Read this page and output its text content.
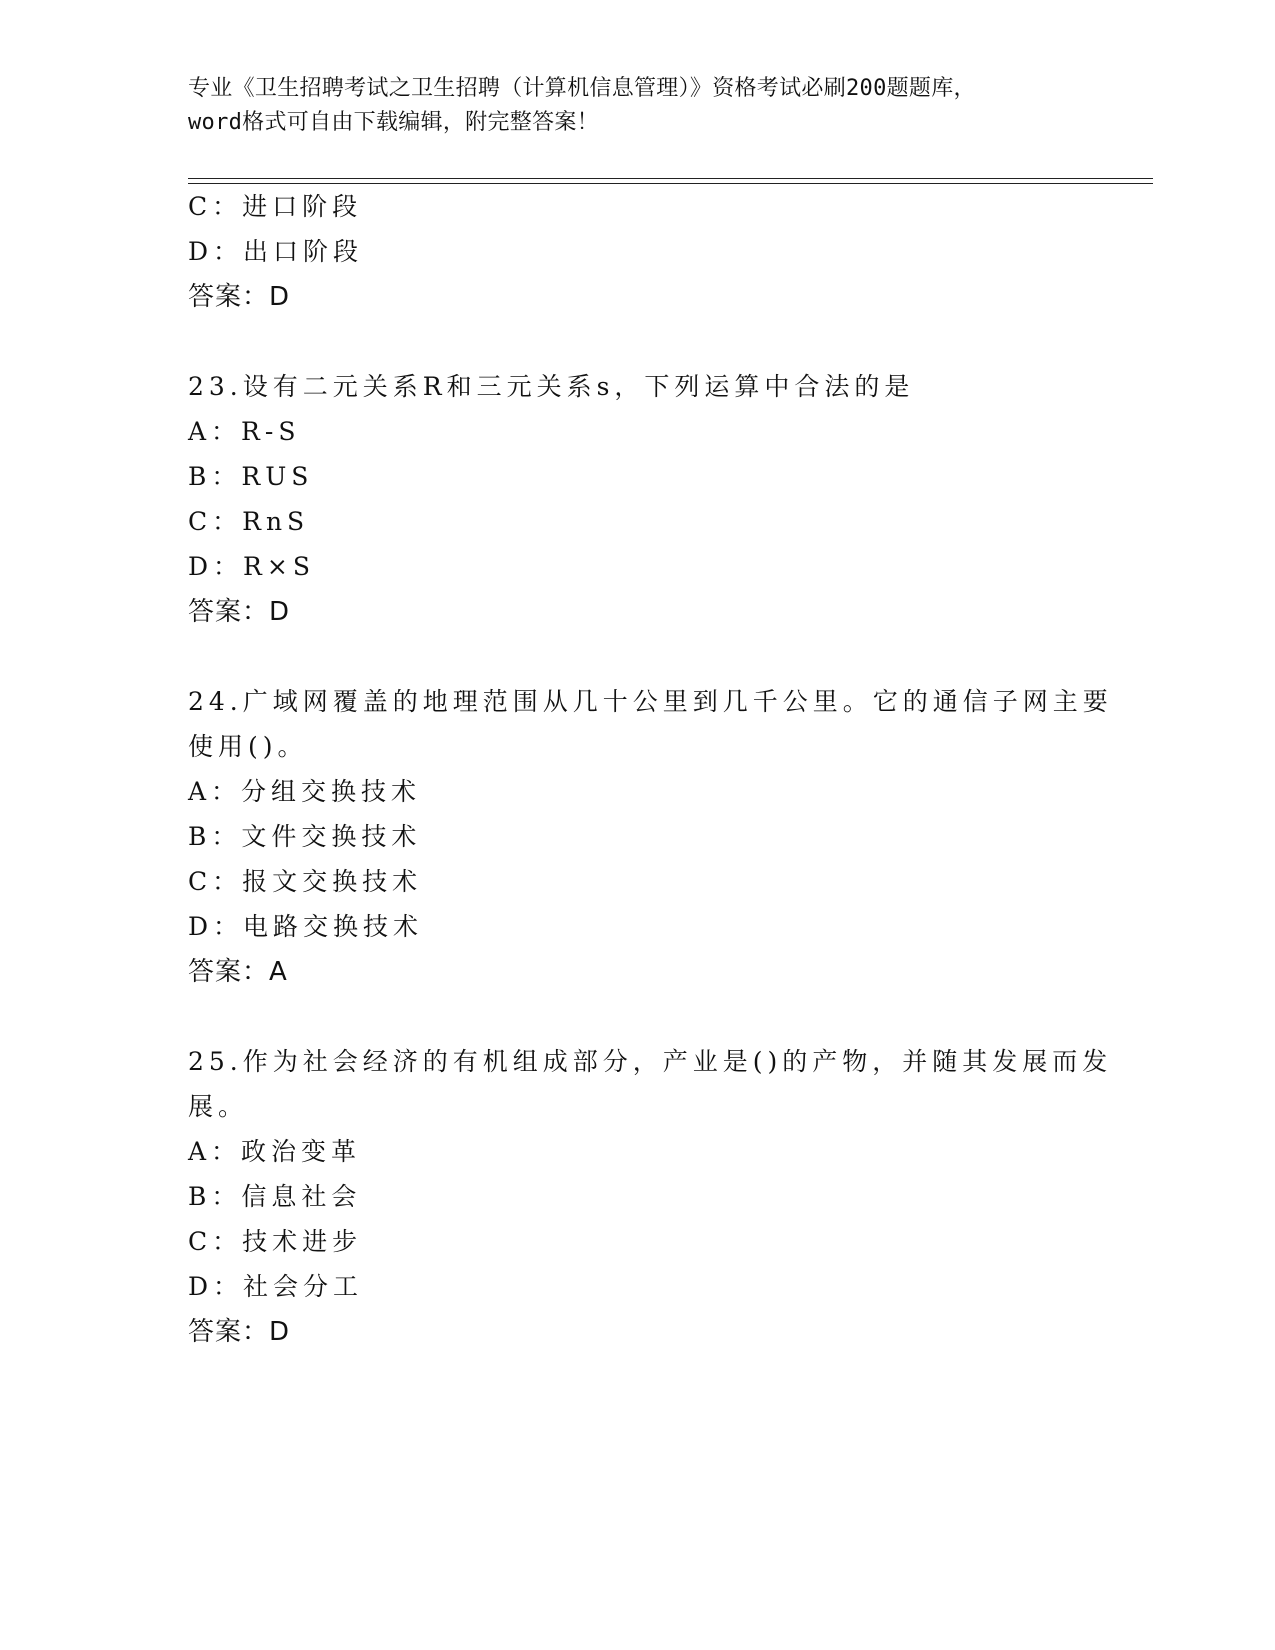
专业《卫生招聘考试之卫生招聘（计算机信息管理）》资格考试必刷200题题库，
word格式可自由下载编辑，附完整答案！
C：进口阶段
D：出口阶段
答案：D
23.设有二元关系R和三元关系s，下列运算中合法的是
A：R-S
B：RUS
C：RnS
D：R×S
答案：D
24.广域网覆盖的地理范围从几十公里到几千公里。它的通信子网主要
使用()。
A：分组交换技术
B：文件交换技术
C：报文交换技术
D：电路交换技术
答案：A
25.作为社会经济的有机组成部分，产业是()的产物，并随其发展而发
展。
A：政治变革
B：信息社会
C：技术进步
D：社会分工
答案：D
